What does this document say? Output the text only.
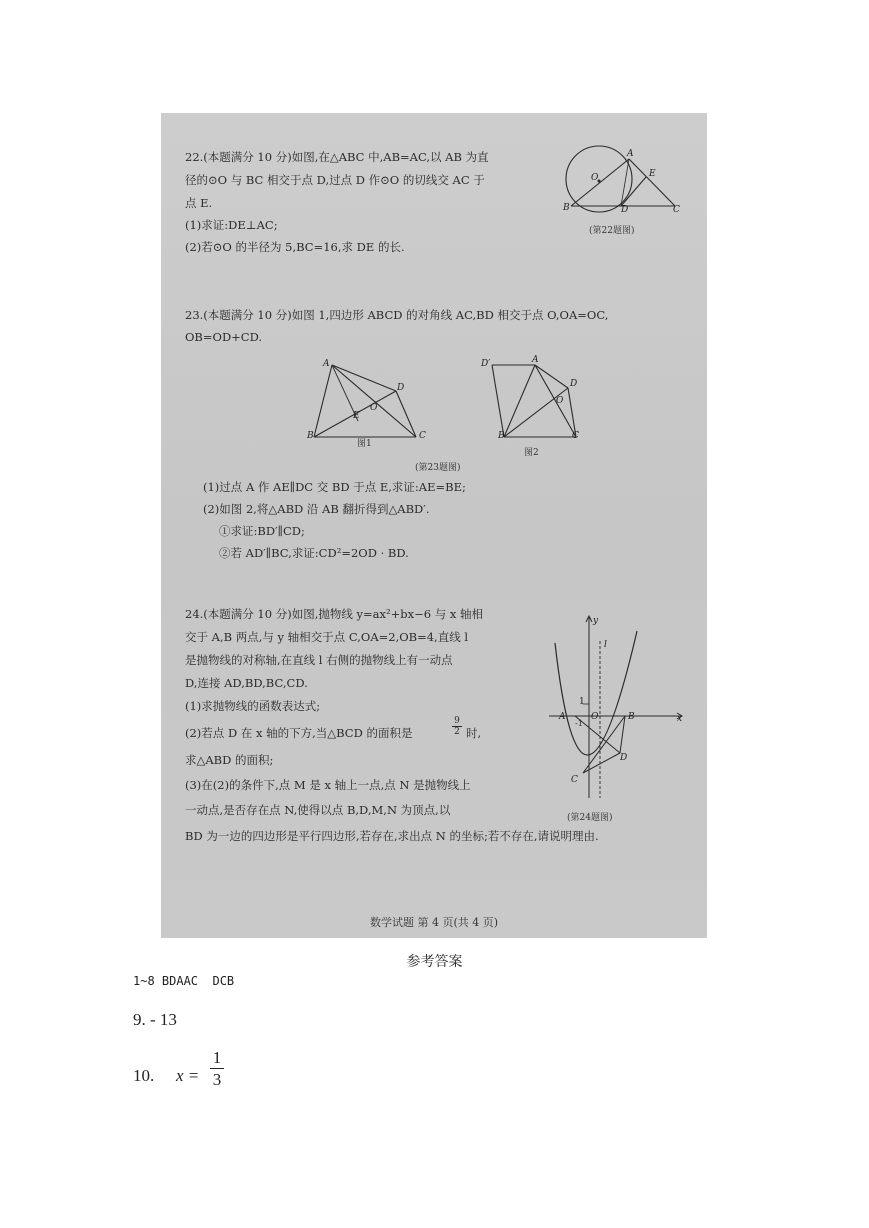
22.(本题满分 10 分)如图,在△ABC 中,AB=AC,以 AB 为直
径的⊙O 与 BC 相交于点 D,过点 D 作⊙O 的切线交 AC 于
点 E.
(1)求证:DE⊥AC;
(2)若⊙O 的半径为 5,BC=16,求 DE 的长.
O
A
E
B	D	C
(第22题图)
23.(本题满分 10 分)如图 1,四边形 ABCD 的对角线 AC,BD 相交于点 O,OA=OC,
OB=OD+CD.
A
D
O
E
B	C
图1
D′	A
D
O
B	C
图2
(第23题图)
(1)过点 A 作 AE∥DC 交 BD 于点 E,求证:AE=BE;
(2)如图 2,将△ABD 沿 AB 翻折得到△ABD′.
①求证:BD′∥CD;
②若 AD′∥BC,求证:CD²=2OD · BD.
24.(本题满分 10 分)如图,抛物线 y=ax²+bx−6 与 x 轴相
交于 A,B 两点,与 y 轴相交于点 C,OA=2,OB=4,直线 l
是抛物线的对称轴,在直线 l 右侧的抛物线上有一动点
D,连接 AD,BD,BC,CD.
(1)求抛物线的函数表达式;
(2)若点 D 在 x 轴的下方,当△BCD 的面积是	$\frac{9}{2}$ 时,
求△ABD 的面积;
(3)在(2)的条件下,点 M 是 x 轴上一点,点 N 是抛物线上
一动点,是否存在点 N,使得以点 B,D,M,N 为顶点,以
BD 为一边的四边形是平行四边形,若存在,求出点 N 的坐标;若不存在,请说明理由.
y
l
1
A
-1
O	B	x
D
C
(第24题图)
数学试题 第 4 页(共 4 页)
参考答案
1~8 BDAAC  DCB
9. - 13
10. x =
1
3
